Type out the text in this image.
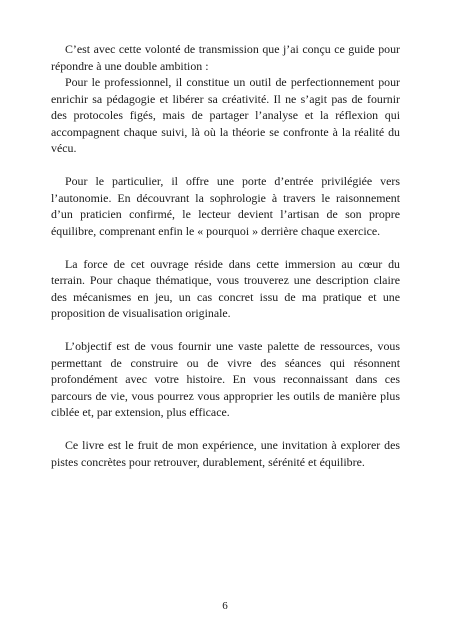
C’est avec cette volonté de transmission que j’ai conçu ce guide pour répondre à une double ambition :

Pour le professionnel, il constitue un outil de perfectionnement pour enrichir sa pédagogie et libérer sa créativité. Il ne s’agit pas de fournir des protocoles figés, mais de partager l’analyse et la réflexion qui accompagnent chaque suivi, là où la théorie se confronte à la réalité du vécu.

Pour le particulier, il offre une porte d’entrée privilégiée vers l’autonomie. En découvrant la sophrologie à travers le raisonnement d’un praticien confirmé, le lecteur devient l’artisan de son propre équilibre, comprenant enfin le « pourquoi » derrière chaque exercice.

La force de cet ouvrage réside dans cette immersion au cœur du terrain. Pour chaque thématique, vous trouverez une description claire des mécanismes en jeu, un cas concret issu de ma pratique et une proposition de visualisation originale.

L’objectif est de vous fournir une vaste palette de ressources, vous permettant de construire ou de vivre des séances qui résonnent profondément avec votre histoire. En vous reconnaissant dans ces parcours de vie, vous pourrez vous approprier les outils de manière plus ciblée et, par extension, plus efficace.

Ce livre est le fruit de mon expérience, une invitation à explorer des pistes concrètes pour retrouver, durablement, sérénité et équilibre.

6
